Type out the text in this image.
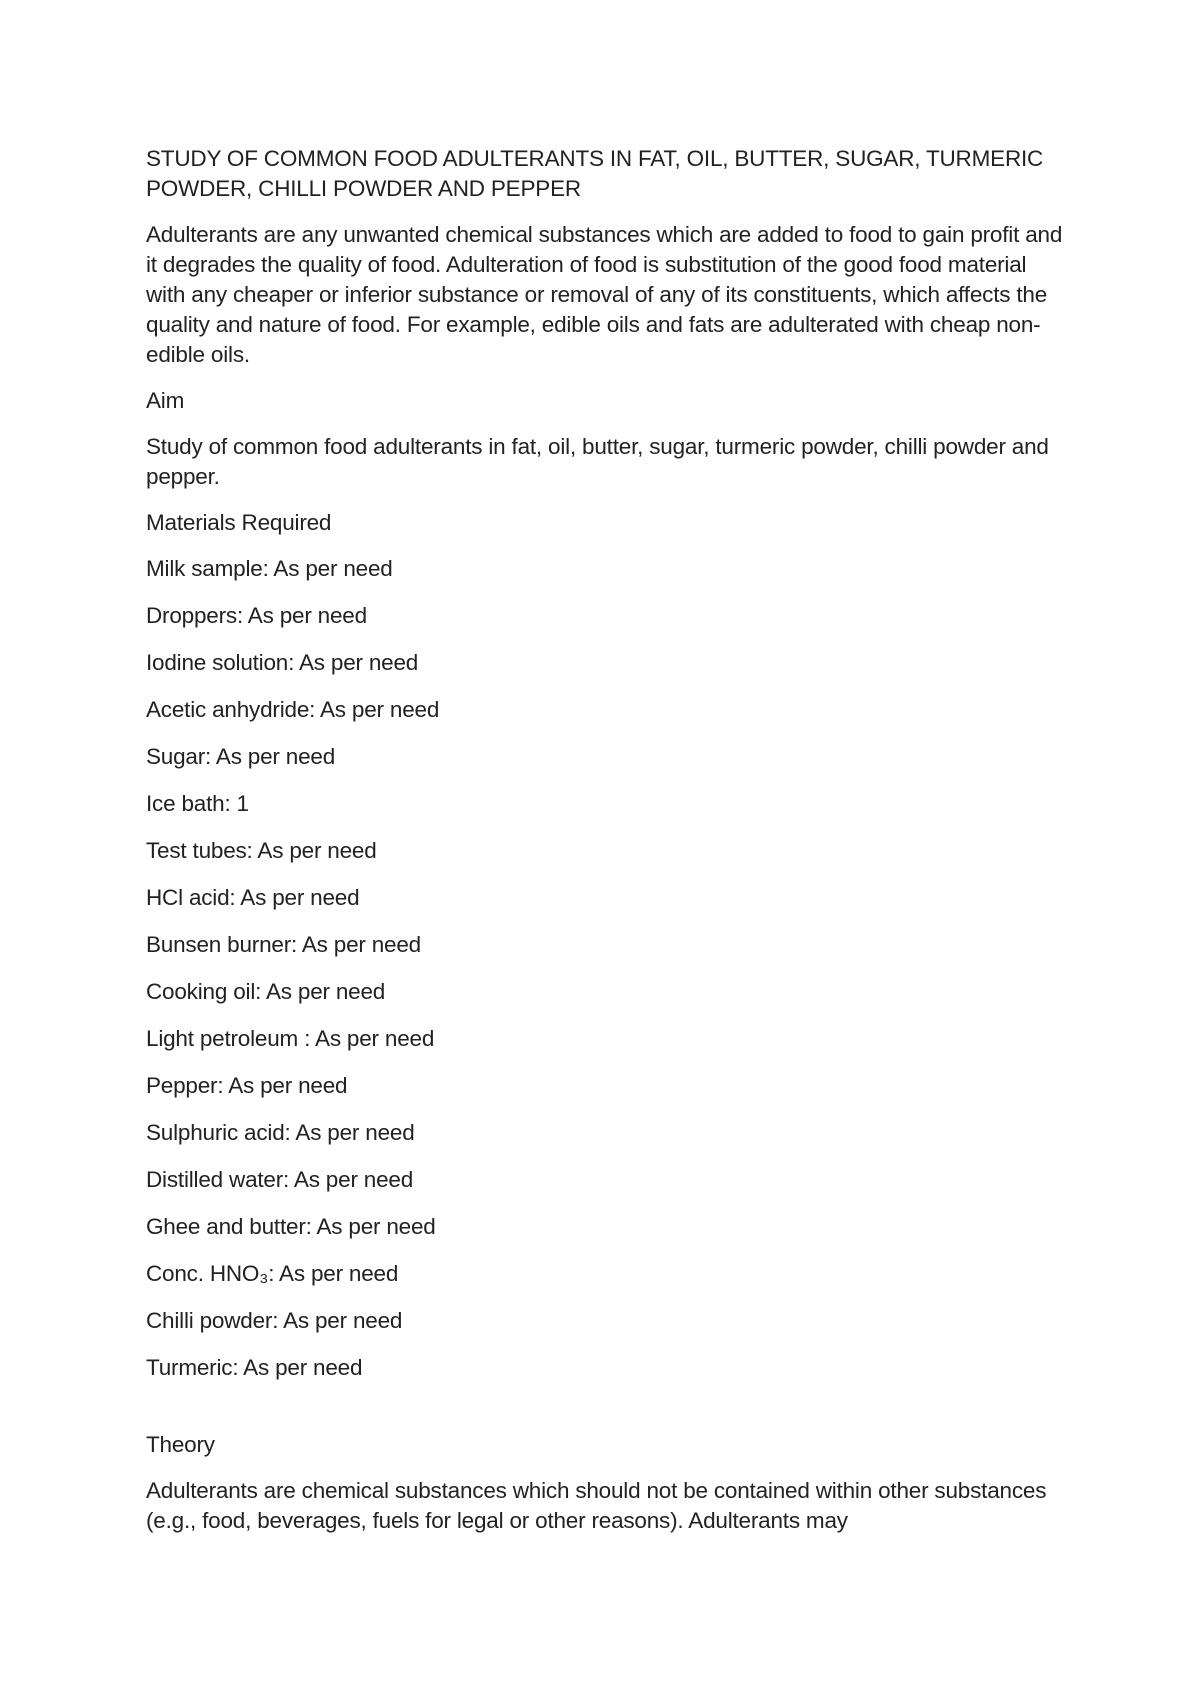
STUDY OF COMMON FOOD ADULTERANTS IN FAT, OIL, BUTTER, SUGAR, TURMERIC POWDER, CHILLI POWDER AND PEPPER
Adulterants are any unwanted chemical substances which are added to food to gain profit and it degrades the quality of food. Adulteration of food is substitution of the good food material with any cheaper or inferior substance or removal of any of its constituents, which affects the quality and nature of food. For example, edible oils and fats are adulterated with cheap non-edible oils.
Aim
Study of common food adulterants in fat, oil, butter, sugar, turmeric powder, chilli powder and pepper.
Materials Required
Milk sample: As per need
Droppers: As per need
Iodine solution: As per need
Acetic anhydride: As per need
Sugar: As per need
Ice bath: 1
Test tubes: As per need
HCl acid: As per need
Bunsen burner: As per need
Cooking oil: As per need
Light petroleum : As per need
Pepper: As per need
Sulphuric acid: As per need
Distilled water: As per need
Ghee and butter: As per need
Conc. HNO₃: As per need
Chilli powder: As per need
Turmeric: As per need
Theory
Adulterants are chemical substances which should not be contained within other substances (e.g., food, beverages, fuels for legal or other reasons). Adulterants may
